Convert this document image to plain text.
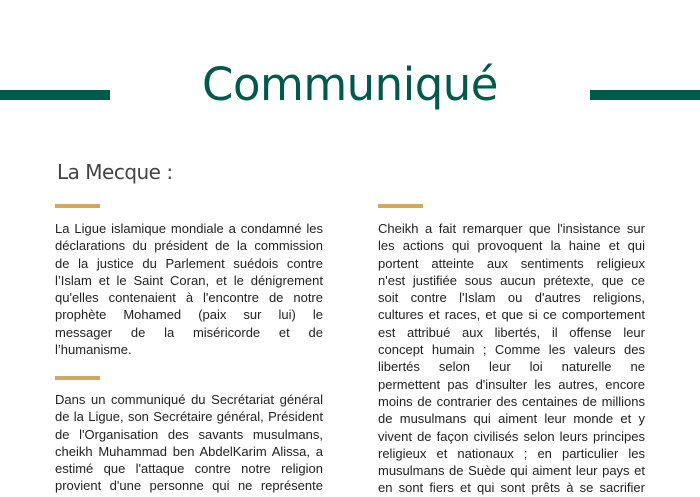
Communiqué
La Mecque :
La Ligue islamique mondiale a condamné les
déclarations du président de la commission
de la justice du Parlement suédois contre
l’Islam et le Saint Coran, et le dénigrement
qu'elles contenaient à l'encontre de notre
prophète Mohamed (paix sur lui) le
messager de la miséricorde et de
l’humanisme.
Dans un communiqué du Secrétariat général
de la Ligue, son Secrétaire général, Président
de l'Organisation des savants musulmans,
cheikh Muhammad ben AbdelKarim Alissa, a
estimé que l'attaque contre notre religion
provient d'une personne qui ne représente
Cheikh a fait remarquer que l'insistance sur
les actions qui provoquent la haine et qui
portent atteinte aux sentiments religieux
n'est justifiée sous aucun prétexte, que ce
soit contre l'Islam ou d'autres religions,
cultures et races, et que si ce comportement
est attribué aux libertés, il offense leur
concept humain ; Comme les valeurs des
libertés selon leur loi naturelle ne
permettent pas d'insulter les autres, encore
moins de contrarier des centaines de millions
de musulmans qui aiment leur monde et y
vivent de façon civilisés selon leurs principes
religieux et nationaux ; en particulier les
musulmans de Suède qui aiment leur pays et
en sont fiers et qui sont prêts à se sacrifier
